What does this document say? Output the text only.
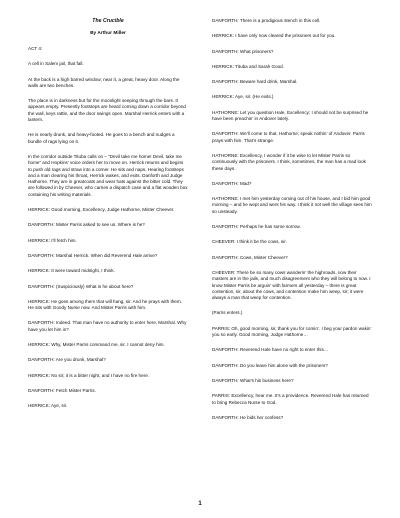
The Crucible
By Arthur Miller

ACT 4:

A cell in Salem jail, that fall.

At the back is a high barred window; near it, a great, heavy door. Along the walls are two benches.

The place is in darkness but for the moonlight seeping through the bars. It appears empty. Presently footsteps are heard coming down a corridor beyond the wall, keys rattle, and the door swings open. Marshal Herrick enters with a lantern.

He is nearly drunk, and heavy-footed. He goes to a bench and nudges a bundle of rags lying on it.

In the corridor outside Tituba calls on – “Devil take me home! Devil, take me home” and Hopkins’ voice orders her to move on. Herrick returns and begins to push old rags and straw into a corner. He sits and naps. Hearing footsteps and a man clearing his throat, Herrick wakes, and exits. Danforth and Judge Hathorne. They are in greatcoats and wear hats against the bitter cold. They are followed in by Cheever, who carries a dispatch case and a flat wooden box containing his writing materials.

HERRICK: Good morning, Excellency, Judge Hathorne, Mister Cheever.

DANFORTH: Mister Parris asked to see us. Where is he?

HERRICK: I’ll fetch him.

DANFORTH: Marshal Herrick. When did Reverend Hale arrive?

HERRICK: It were toward midnight, I think.

DANFORTH: (Suspiciously) What is he about here?

HERRICK: He goes among them that will hang, sir. And he prays with them. He sits with Goody Nurse now. And Mister Parris with him.

DANFORTH: Indeed. That man have no authority to enter here, Marshal. Why have you let him in?

HERRICK: Why, Mister Parris command me, sir. I cannot deny him.

DANFORTH: Are you drunk, Marshal?

HERRICK: No sir; it is a bitter night, and I have no fire here.

DANFORTH: Fetch Mister Parris.

HERRICK: Aye, sir.

DANFORTH: There is a prodigious stench in this cell.

HERRICK: I have only now cleared the prisoners out for you.

DANFORTH: What prisoners?

HERRICK: Tituba and Sarah Good.

DANFORTH: Beware hard drink, Marshal.

HERRICK: Aye, sir. (He exits.)

HATHORNE: Let you question Hale, Excellency; I should not be surprised he have been preachin’ in Andover lately.

DANFORTH: We’ll come to that. Hathorne; speak nothin’ of Andover. Parris prays with him. That’s strange.

HATHORNE: Excellency, I wonder if it be wise to let Mister Parris so continuously with the prisoners. I think, sometimes, the man has a mad look these days.

DANFORTH: Mad?

HATHORNE: I met him yesterday coming out of his house, and I bid him good morning – and he wept and went his way. I think it not well the village sees him so unsteady.

DANFORTH: Perhaps he has some sorrow.

CHEEVER: I think it be the cows, sir.

DANFORTH: Cows, Mister Cheever?

CHEEVER: There be so many cows wanderin’ the highroads, now their masters are in the jails, and much disagreement who they will belong to now. I know Mister Parris be arguin’ with farmers all yesterday – there is great contention, sir, about the cows, and contention make him weep, sir; it were always a man that weep for contention.

(Parris enters.)

PARRIS: Oh, good morning, sir, thank you for comin’. I beg your pardon wakin’ you so early. Good morning, Judge Hathorne…

DANFORTH: Reverend Hale have no right to enter this…

DANFORTH: Do you leave him alone with the prisoners?

DANFORTH: What’s his business here?

PARRIS: Excellency, hear me. It’s a providence. Reverend Hale has returned to bring Rebecca Nurse to God.

DANFORTH: He bids her confess?

1
